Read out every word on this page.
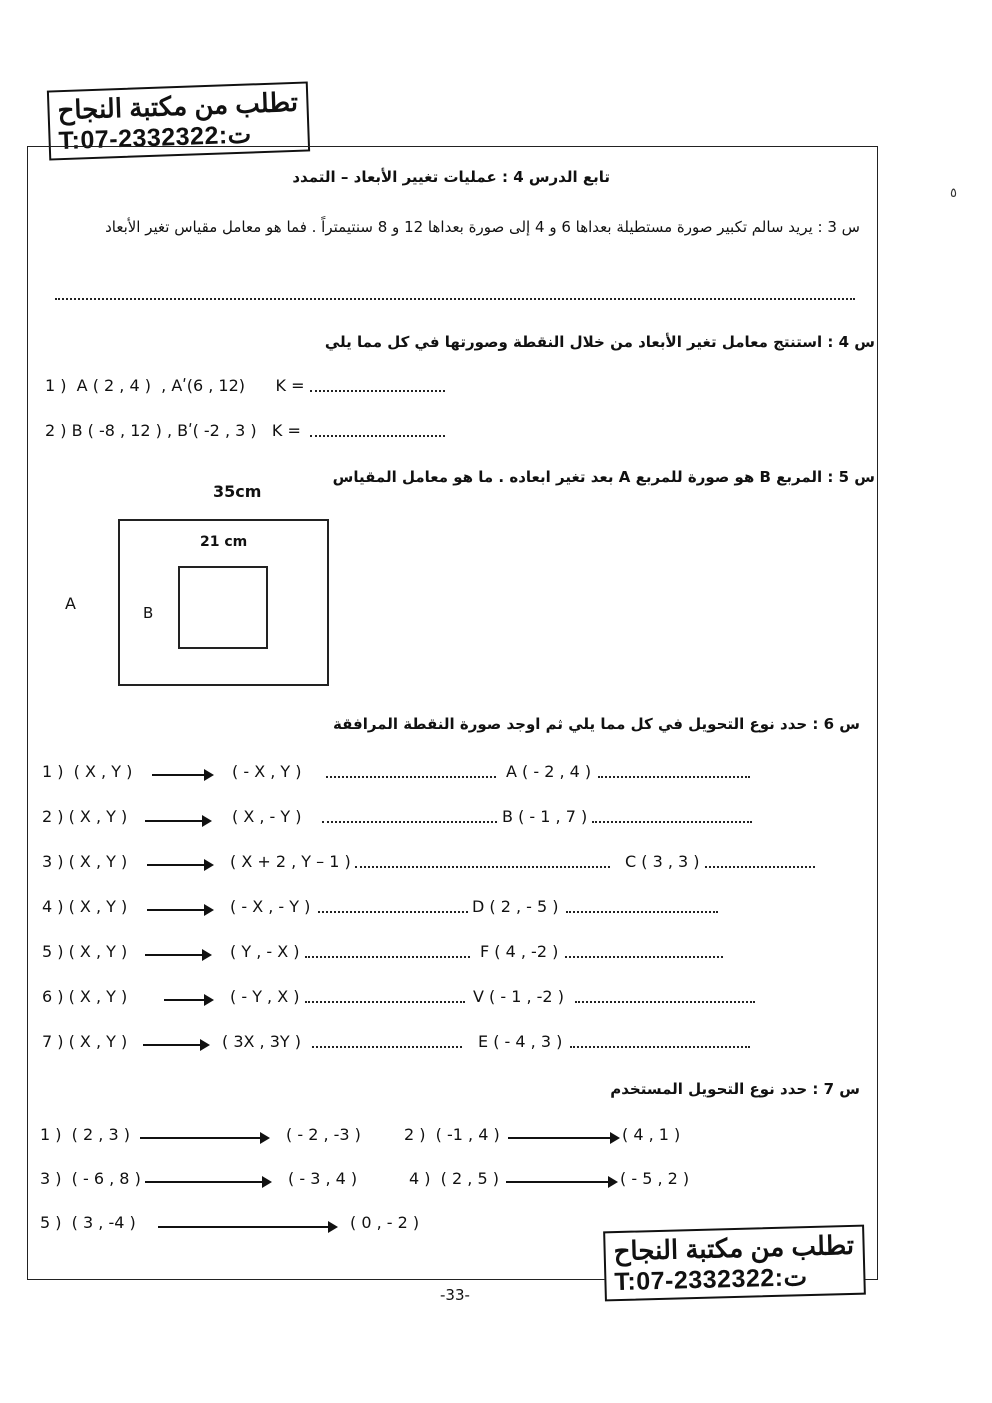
٥
تطلب من مكتبة النجاح
T:07-2332322:ت
تابع الدرس 4 : عمليات تغيير الأبعاد – التمدد
س 3 : يريد سالم تكبير صورة مستطيلة بعداها 6 و 4 إلى صورة بعداها 12 و 8 سنتيمتراً . فما هو معامل مقياس تغير الأبعاد
س 4 : استنتج معامل تغير الأبعاد من خلال النقطة وصورتها في كل مما يلي
1 )  A ( 2 , 4 )  , Aʹ(6 , 12)      K =
2 ) B ( -8 , 12 ) , Bʹ( -2 , 3 )   K =
س 5 : المربع B هو صورة للمربع A بعد تغير ابعاده . ما هو معامل المقياس
35cm
21 cm
A	B
س 6 : حدد نوع التحويل في كل مما يلي ثم اوجد صورة النقطة المرافقة
1 )  ( X , Y )	( - X , Y )	A ( - 2 , 4 )
2 ) ( X , Y )	( X , - Y )	B ( - 1 , 7 )
3 ) ( X , Y )	( X + 2 , Y – 1 )	C ( 3 , 3 )
4 ) ( X , Y )	( - X , - Y )	D ( 2 , - 5 )
5 ) ( X , Y )	( Y , - X )	F ( 4 , -2 )
6 ) ( X , Y )	( - Y , X )	V ( - 1 , -2 )
7 ) ( X , Y )	( 3X , 3Y )	E ( - 4 , 3 )
س 7 : حدد نوع التحويل المستخدم
1 )  ( 2 , 3 )	( - 2 , -3 )	2 )  ( -1 , 4 )	( 4 , 1 )
3 )  ( - 6 , 8 )	( - 3 , 4 )	4 )  ( 2 , 5 )	( - 5 , 2 )
5 )  ( 3 , -4 )	( 0 , - 2 )
تطلب من مكتبة النجاح
T:07-2332322:ت
-33-
